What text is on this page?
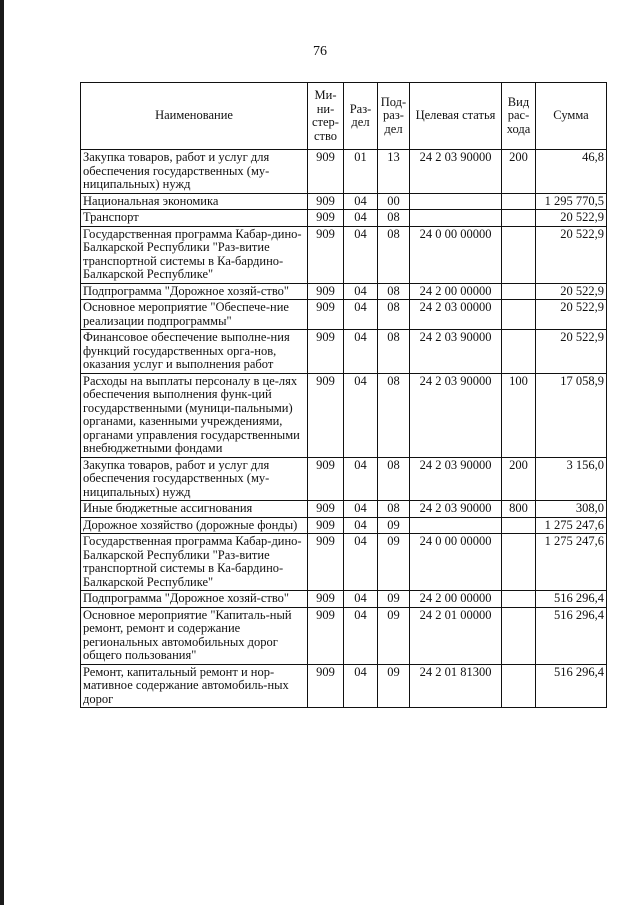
76
Наименование	Ми-ни-стер-ство	Раз-дел	Под-раз-дел	Целевая статья	Вид рас-хода	Сумма
Закупка товаров, работ и услуг для обеспечения государственных (му-ниципальных) нужд	909	01	13	24 2 03 90000	200	46,8
Национальная экономика	909	04	00			1 295 770,5
Транспорт	909	04	08			20 522,9
Государственная программа Кабар-дино-Балкарской Республики "Раз-витие транспортной системы в Ка-бардино-Балкарской Республике"	909	04	08	24 0 00 00000		20 522,9
Подпрограмма "Дорожное хозяй-ство"	909	04	08	24 2 00 00000		20 522,9
Основное мероприятие "Обеспече-ние реализации подпрограммы"	909	04	08	24 2 03 00000		20 522,9
Финансовое обеспечение выполне-ния функций государственных орга-нов, оказания услуг и выполнения работ	909	04	08	24 2 03 90000		20 522,9
Расходы на выплаты персоналу в це-лях обеспечения выполнения функ-ций государственными (муници-пальными) органами, казенными учреждениями, органами управления государственными внебюджетными фондами	909	04	08	24 2 03 90000	100	17 058,9
Закупка товаров, работ и услуг для обеспечения государственных (му-ниципальных) нужд	909	04	08	24 2 03 90000	200	3 156,0
Иные бюджетные ассигнования	909	04	08	24 2 03 90000	800	308,0
Дорожное хозяйство (дорожные фонды)	909	04	09			1 275 247,6
Государственная программа Кабар-дино-Балкарской Республики "Раз-витие транспортной системы в Ка-бардино-Балкарской Республике"	909	04	09	24 0 00 00000		1 275 247,6
Подпрограмма "Дорожное хозяй-ство"	909	04	09	24 2 00 00000		516 296,4
Основное мероприятие "Капиталь-ный ремонт, ремонт и содержание региональных автомобильных дорог общего пользования"	909	04	09	24 2 01 00000		516 296,4
Ремонт, капитальный ремонт и нор-мативное содержание автомобиль-ных дорог	909	04	09	24 2 01 81300		516 296,4
